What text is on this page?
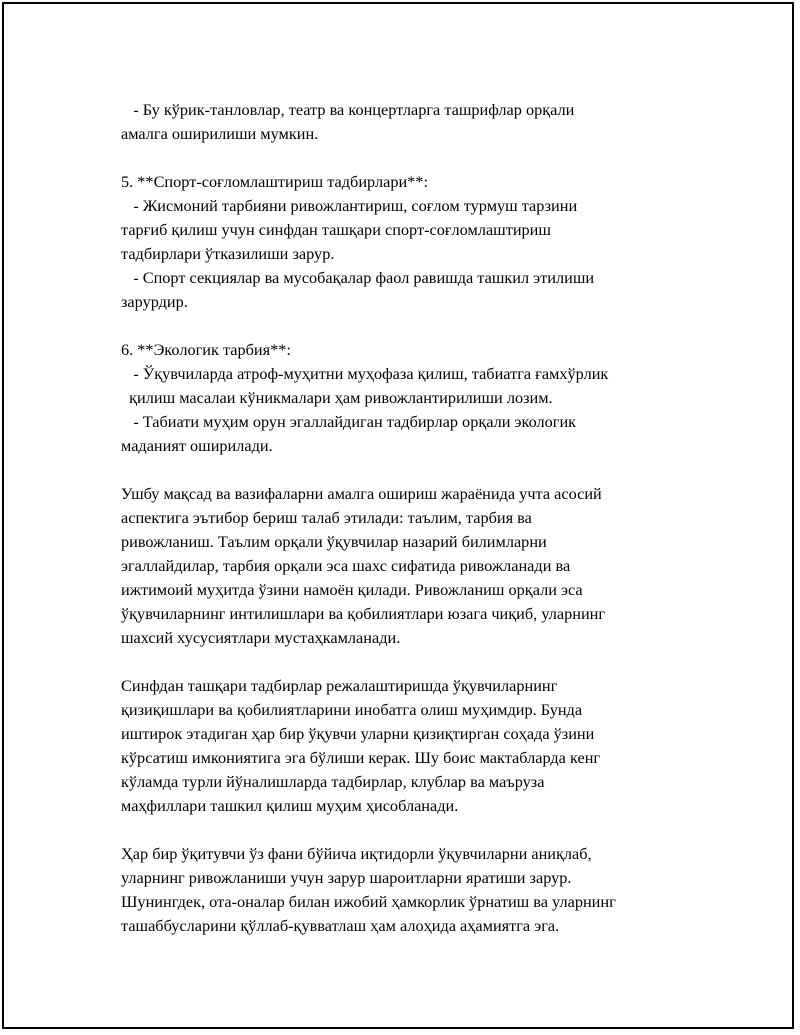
- Бу кўрик-танловлар, театр ва концертларга ташрифлар орқали
амалга оширилиши мумкин.
5. **Спорт-соғломлаштириш тадбирлари**:
- Жисмоний тарбияни ривожлантириш, соғлом турмуш тарзини
тарғиб қилиш учун синфдан ташқари спорт-соғломлаштириш
тадбирлари ўтказилиши зарур.
- Спорт секциялар ва мусобақалар фаол равишда ташкил этилиши
зарурдир.
6. **Экологик тарбия**:
- Ўқувчиларда атроф-муҳитни муҳофаза қилиш, табиатга ғамхўрлик
қилиш масалаи кўникмалари ҳам ривожлантирилиши лозим.
- Табиати муҳим орун эгаллайдиган тадбирлар орқали экологик
маданият оширилади.
Ушбу мақсад ва вазифаларни амалга ошириш жараёнида учта асосий
аспектига эътибор бериш талаб этилади: таълим, тарбия ва
ривожланиш. Таълим орқали ўқувчилар назарий билимларни
эгаллайдилар, тарбия орқали эса шахс сифатида ривожланади ва
ижтимоий муҳитда ўзини намоён қилади. Ривожланиш орқали эса
ўқувчиларнинг интилишлари ва қобилиятлари юзага чиқиб, уларнинг
шахсий хусусиятлари мустаҳкамланади.
Синфдан ташқари тадбирлар режалаштиришда ўқувчиларнинг
қизиқишлари ва қобилиятларини инобатга олиш муҳимдир. Бунда
иштирок этадиган ҳар бир ўқувчи уларни қизиқтирган соҳада ўзини
кўрсатиш имкониятига эга бўлиши керак. Шу боис мактабларда кенг
кўламда турли йўналишларда тадбирлар, клублар ва маъруза
маҳфиллари ташкил қилиш муҳим ҳисобланади.
Ҳар бир ўқитувчи ўз фани бўйича иқтидорли ўқувчиларни аниқлаб,
уларнинг ривожланиши учун зарур шароитларни яратиши зарур.
Шунингдек, ота-оналар билан ижобий ҳамкорлик ўрнатиш ва уларнинг
ташаббусларини қўллаб-қувватлаш ҳам алоҳида аҳамиятга эга.
